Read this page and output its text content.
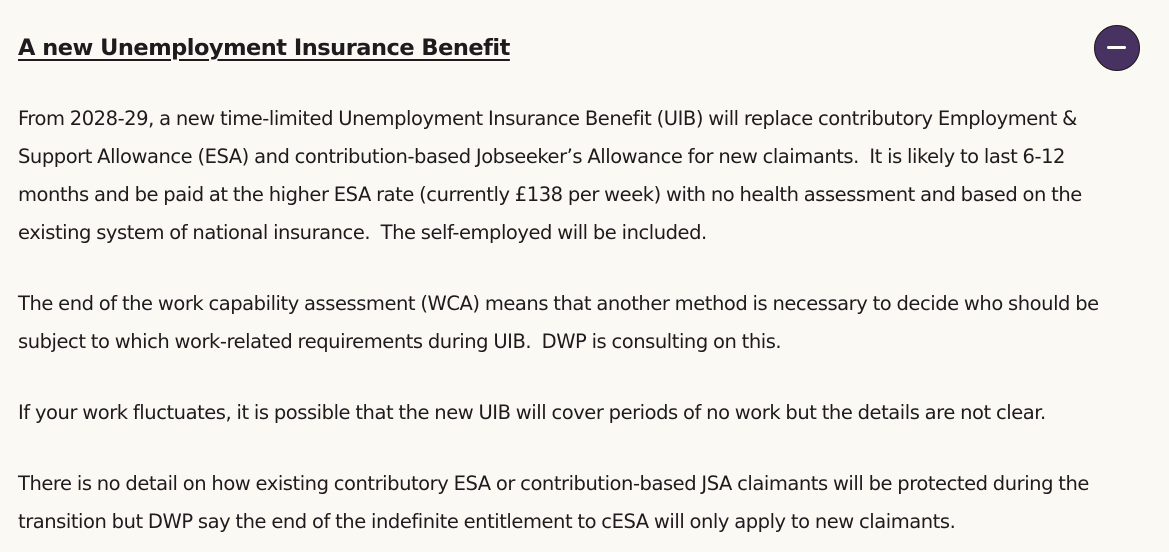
A new Unemployment Insurance Benefit

From 2028-29, a new time-limited Unemployment Insurance Benefit (UIB) will replace contributory Employment & Support Allowance (ESA) and contribution-based Jobseeker’s Allowance for new claimants.  It is likely to last 6-12 months and be paid at the higher ESA rate (currently £138 per week) with no health assessment and based on the existing system of national insurance.  The self-employed will be included.

The end of the work capability assessment (WCA) means that another method is necessary to decide who should be subject to which work-related requirements during UIB.  DWP is consulting on this.

If your work fluctuates, it is possible that the new UIB will cover periods of no work but the details are not clear.

There is no detail on how existing contributory ESA or contribution-based JSA claimants will be protected during the transition but DWP say the end of the indefinite entitlement to cESA will only apply to new claimants.
